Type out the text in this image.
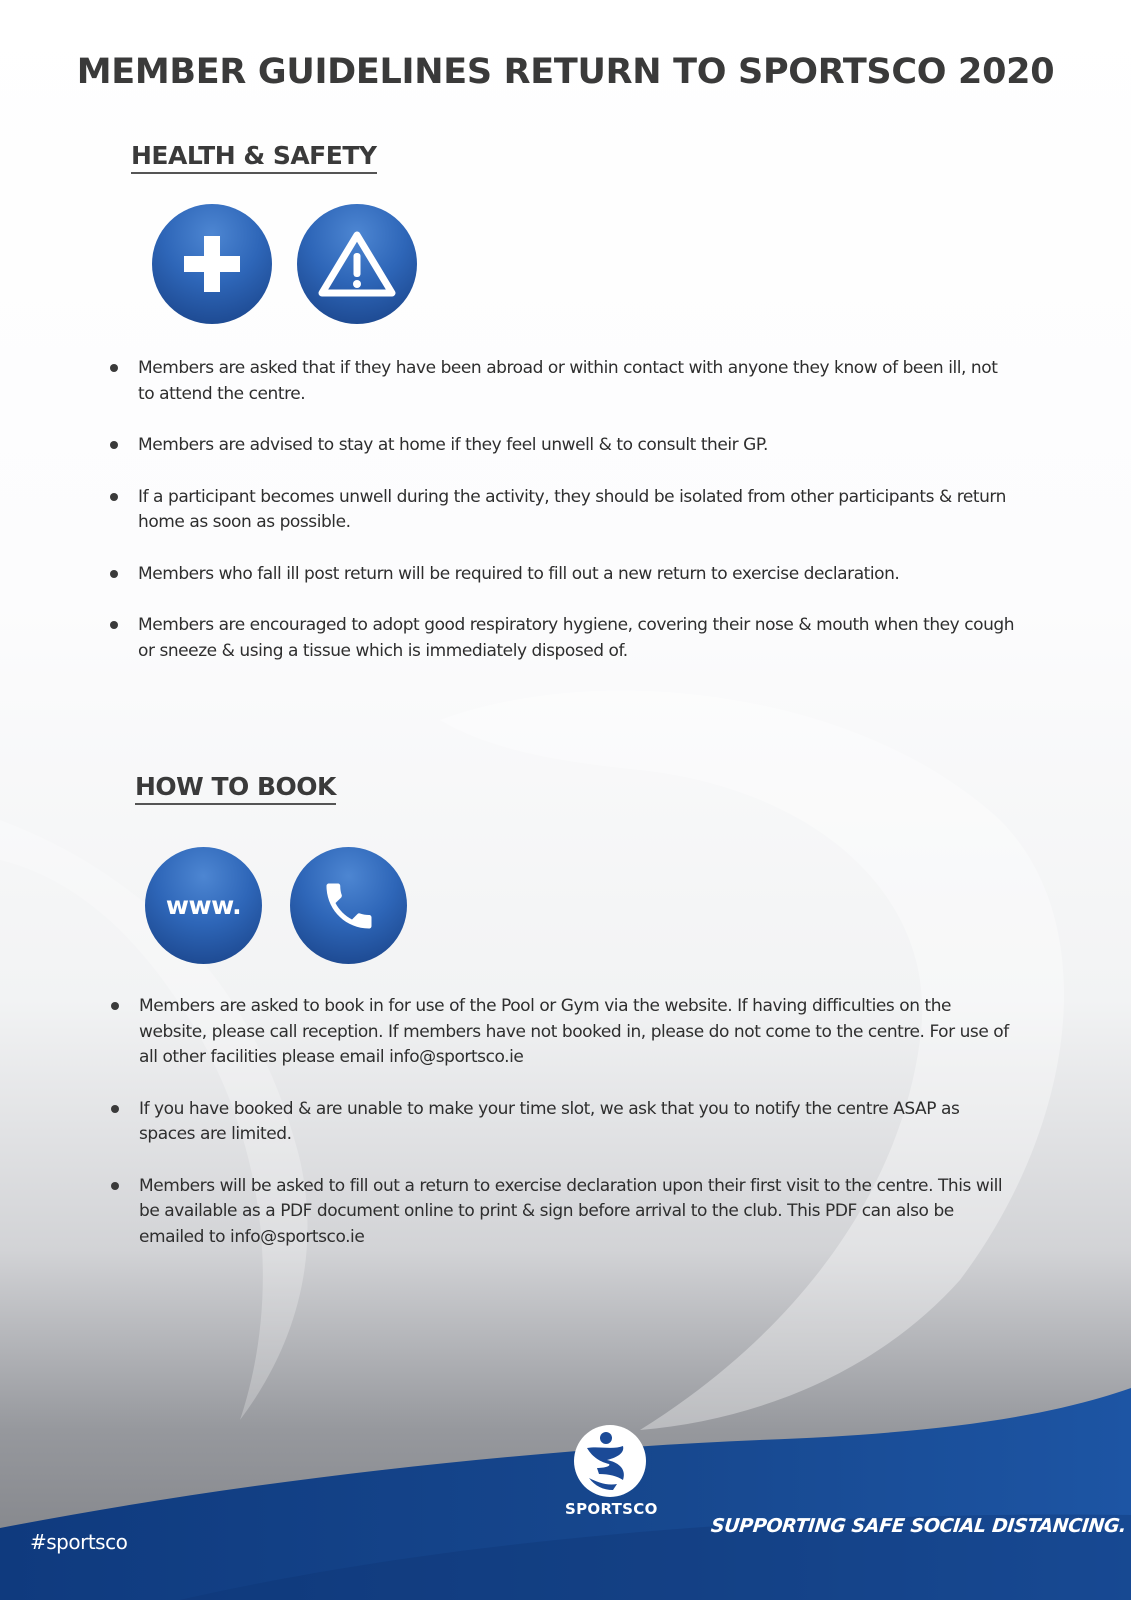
MEMBER GUIDELINES RETURN TO SPORTSCO 2020
HEALTH & SAFETY
Members are asked that if they have been abroad or within contact with anyone they know of been ill, not to attend the centre.
Members are advised to stay at home if they feel unwell & to consult their GP.
If a participant becomes unwell during the activity, they should be isolated from other participants & return home as soon as possible.
Members who fall ill post return will be required to fill out a new return to exercise declaration.
Members are encouraged to adopt good respiratory hygiene, covering their nose & mouth when they cough or sneeze & using a tissue which is immediately disposed of.
HOW TO BOOK
www.
Members are asked to book in for use of the Pool or Gym via the website. If having difficulties on the website, please call reception. If members have not booked in, please do not come to the centre. For use of all other facilities please email info@sportsco.ie
If you have booked & are unable to make your time slot, we ask that you to notify the centre ASAP as spaces are limited.
Members will be asked to fill out a return to exercise declaration upon their first visit to the centre. This will be available as a PDF document online to print & sign before arrival to the club. This PDF can also be emailed to info@sportsco.ie
SPORTSCO
#sportsco
SUPPORTING SAFE SOCIAL DISTANCING.
